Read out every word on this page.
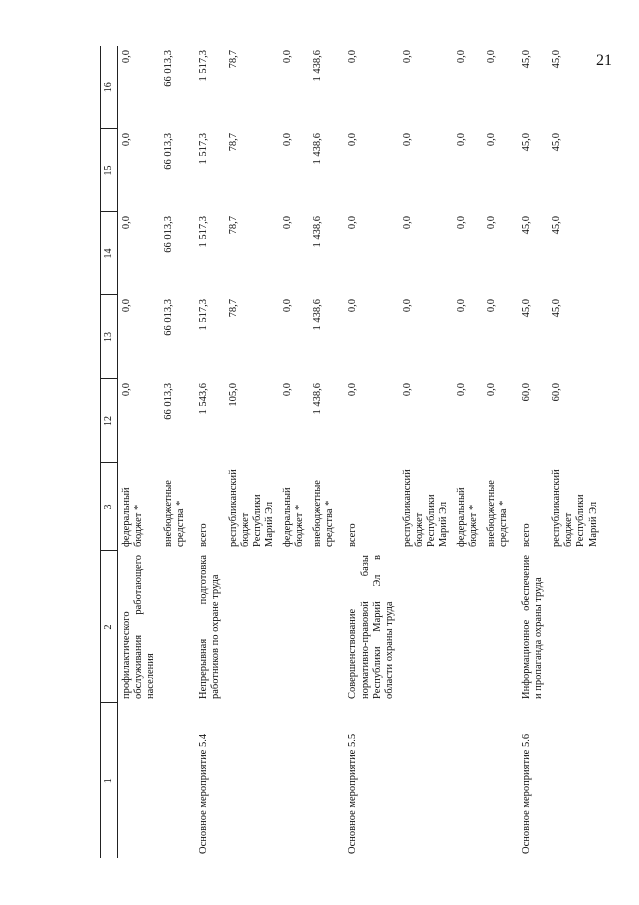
21
1	2	3	12	13	14	15	16
	профилактического обслуживания работающего населения	федеральный бюджет *	0,0	0,0	0,0	0,0	0,0
		внебюджетные средства *	66 013,3	66 013,3	66 013,3	66 013,3	66 013,3
Основное мероприятие 5.4	Непрерывная подготовка работников по охране труда	всего	1 543,6	1 517,3	1 517,3	1 517,3	1 517,3
		республиканский бюджет Республики Марий Эл	105,0	78,7	78,7	78,7	78,7
		федеральный бюджет *	0,0	0,0	0,0	0,0	0,0
		внебюджетные средства *	1 438,6	1 438,6	1 438,6	1 438,6	1 438,6
Основное мероприятие 5.5	Совершенствование нормативно-правовой базы Республики Марий Эл в области охраны труда	всего	0,0	0,0	0,0	0,0	0,0
		республиканский бюджет Республики Марий Эл	0,0	0,0	0,0	0,0	0,0
		федеральный бюджет *	0,0	0,0	0,0	0,0	0,0
		внебюджетные средства *	0,0	0,0	0,0	0,0	0,0
Основное мероприятие 5.6	Информационное обеспечение и пропаганда охраны труда	всего	60,0	45,0	45,0	45,0	45,0
		республиканский бюджет Республики Марий Эл	60,0	45,0	45,0	45,0	45,0
